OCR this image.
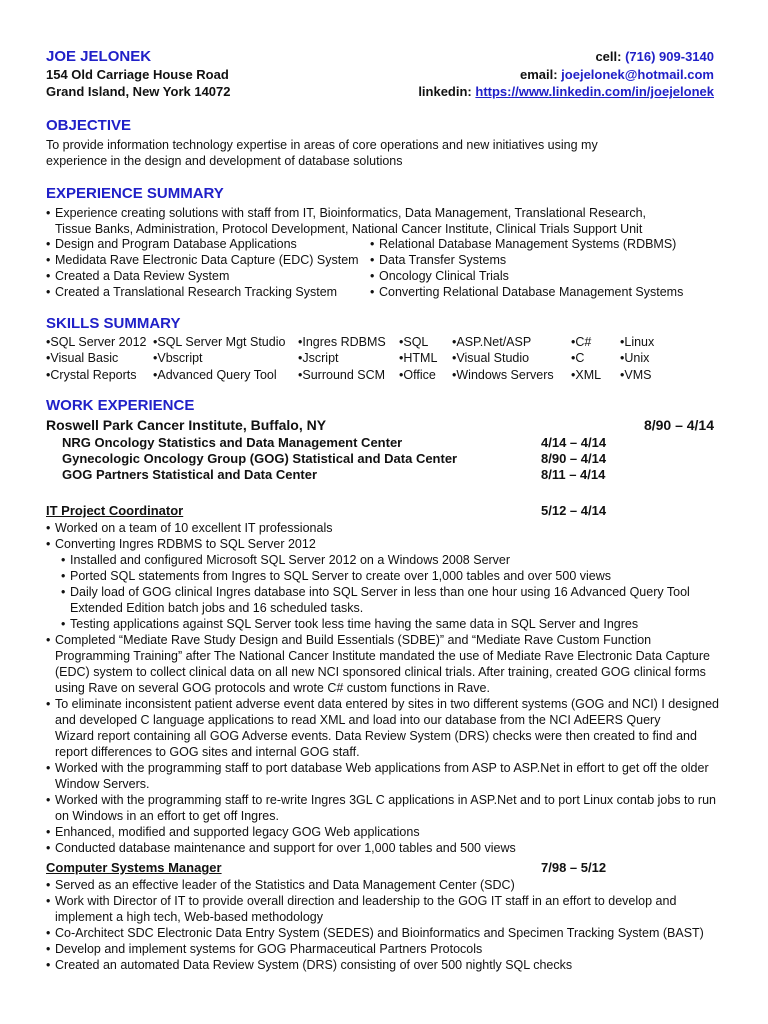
JOE JELONEK
154 Old Carriage House Road
Grand Island, New York 14072
cell: (716) 909-3140
email: joejelonek@hotmail.com
linkedin: https://www.linkedin.com/in/joejelonek
OBJECTIVE
To provide information technology expertise in areas of core operations and new initiatives using my
experience in the design and development of database solutions
EXPERIENCE SUMMARY
• Experience creating solutions with staff from IT, Bioinformatics, Data Management, Translational Research,
Tissue Banks, Administration, Protocol Development, National Cancer Institute, Clinical Trials Support Unit
• Design and Program Database Applications
• Medidata Rave Electronic Data Capture (EDC) System
• Created a Data Review System
• Created a Translational Research Tracking System
• Relational Database Management Systems (RDBMS)
• Data Transfer Systems
• Oncology Clinical Trials
• Converting Relational Database Management Systems
SKILLS SUMMARY
•SQL Server 2012 •SQL Server Mgt Studio •Ingres RDBMS •SQL •ASP.Net/ASP	•C# •Linux
•Visual Basic	•Vbscript	•Jscript	•HTML •Visual Studio	•C	•Unix
•Crystal Reports •Advanced Query Tool •Surround SCM •Office •Windows Servers •XML •VMS
WORK EXPERIENCE
Roswell Park Cancer Institute, Buffalo, NY	8/90 – 4/14
NRG Oncology Statistics and Data Management Center	4/14 – 4/14
Gynecologic Oncology Group (GOG) Statistical and Data Center	8/90 – 4/14
GOG Partners Statistical and Data Center	8/11 – 4/14
IT Project Coordinator	5/12 – 4/14
• Worked on a team of 10 excellent IT professionals
• Converting Ingres RDBMS to SQL Server 2012
• Installed and configured Microsoft SQL Server 2012 on a Windows 2008 Server
• Ported SQL statements from Ingres to SQL Server to create over 1,000 tables and over 500 views
• Daily load of GOG clinical Ingres database into SQL Server in less than one hour using 16 Advanced Query Tool
Extended Edition batch jobs and 16 scheduled tasks.
• Testing applications against SQL Server took less time having the same data in SQL Server and Ingres
• Completed “Mediate Rave Study Design and Build Essentials (SDBE)” and “Mediate Rave Custom Function
Programming Training” after The National Cancer Institute mandated the use of Mediate Rave Electronic Data Capture
(EDC) system to collect clinical data on all new NCI sponsored clinical trials. After training, created GOG clinical forms
using Rave on several GOG protocols and wrote C# custom functions in Rave.
• To eliminate inconsistent patient adverse event data entered by sites in two different systems (GOG and NCI) I designed
and developed C language applications to read XML and load into our database from the NCI AdEERS Query
Wizard report containing all GOG Adverse events. Data Review System (DRS) checks were then created to find and
report differences to GOG sites and internal GOG staff.
• Worked with the programming staff to port database Web applications from ASP to ASP.Net in effort to get off the older
Window Servers.
• Worked with the programming staff to re-write Ingres 3GL C applications in ASP.Net and to port Linux contab jobs to run
on Windows in an effort to get off Ingres.
• Enhanced, modified and supported legacy GOG Web applications
• Conducted database maintenance and support for over 1,000 tables and 500 views
Computer Systems Manager	7/98 – 5/12
• Served as an effective leader of the Statistics and Data Management Center (SDC)
• Work with Director of IT to provide overall direction and leadership to the GOG IT staff in an effort to develop and
implement a high tech, Web-based methodology
• Co-Architect SDC Electronic Data Entry System (SEDES) and Bioinformatics and Specimen Tracking System (BAST)
• Develop and implement systems for GOG Pharmaceutical Partners Protocols
• Created an automated Data Review System (DRS) consisting of over 500 nightly SQL checks
